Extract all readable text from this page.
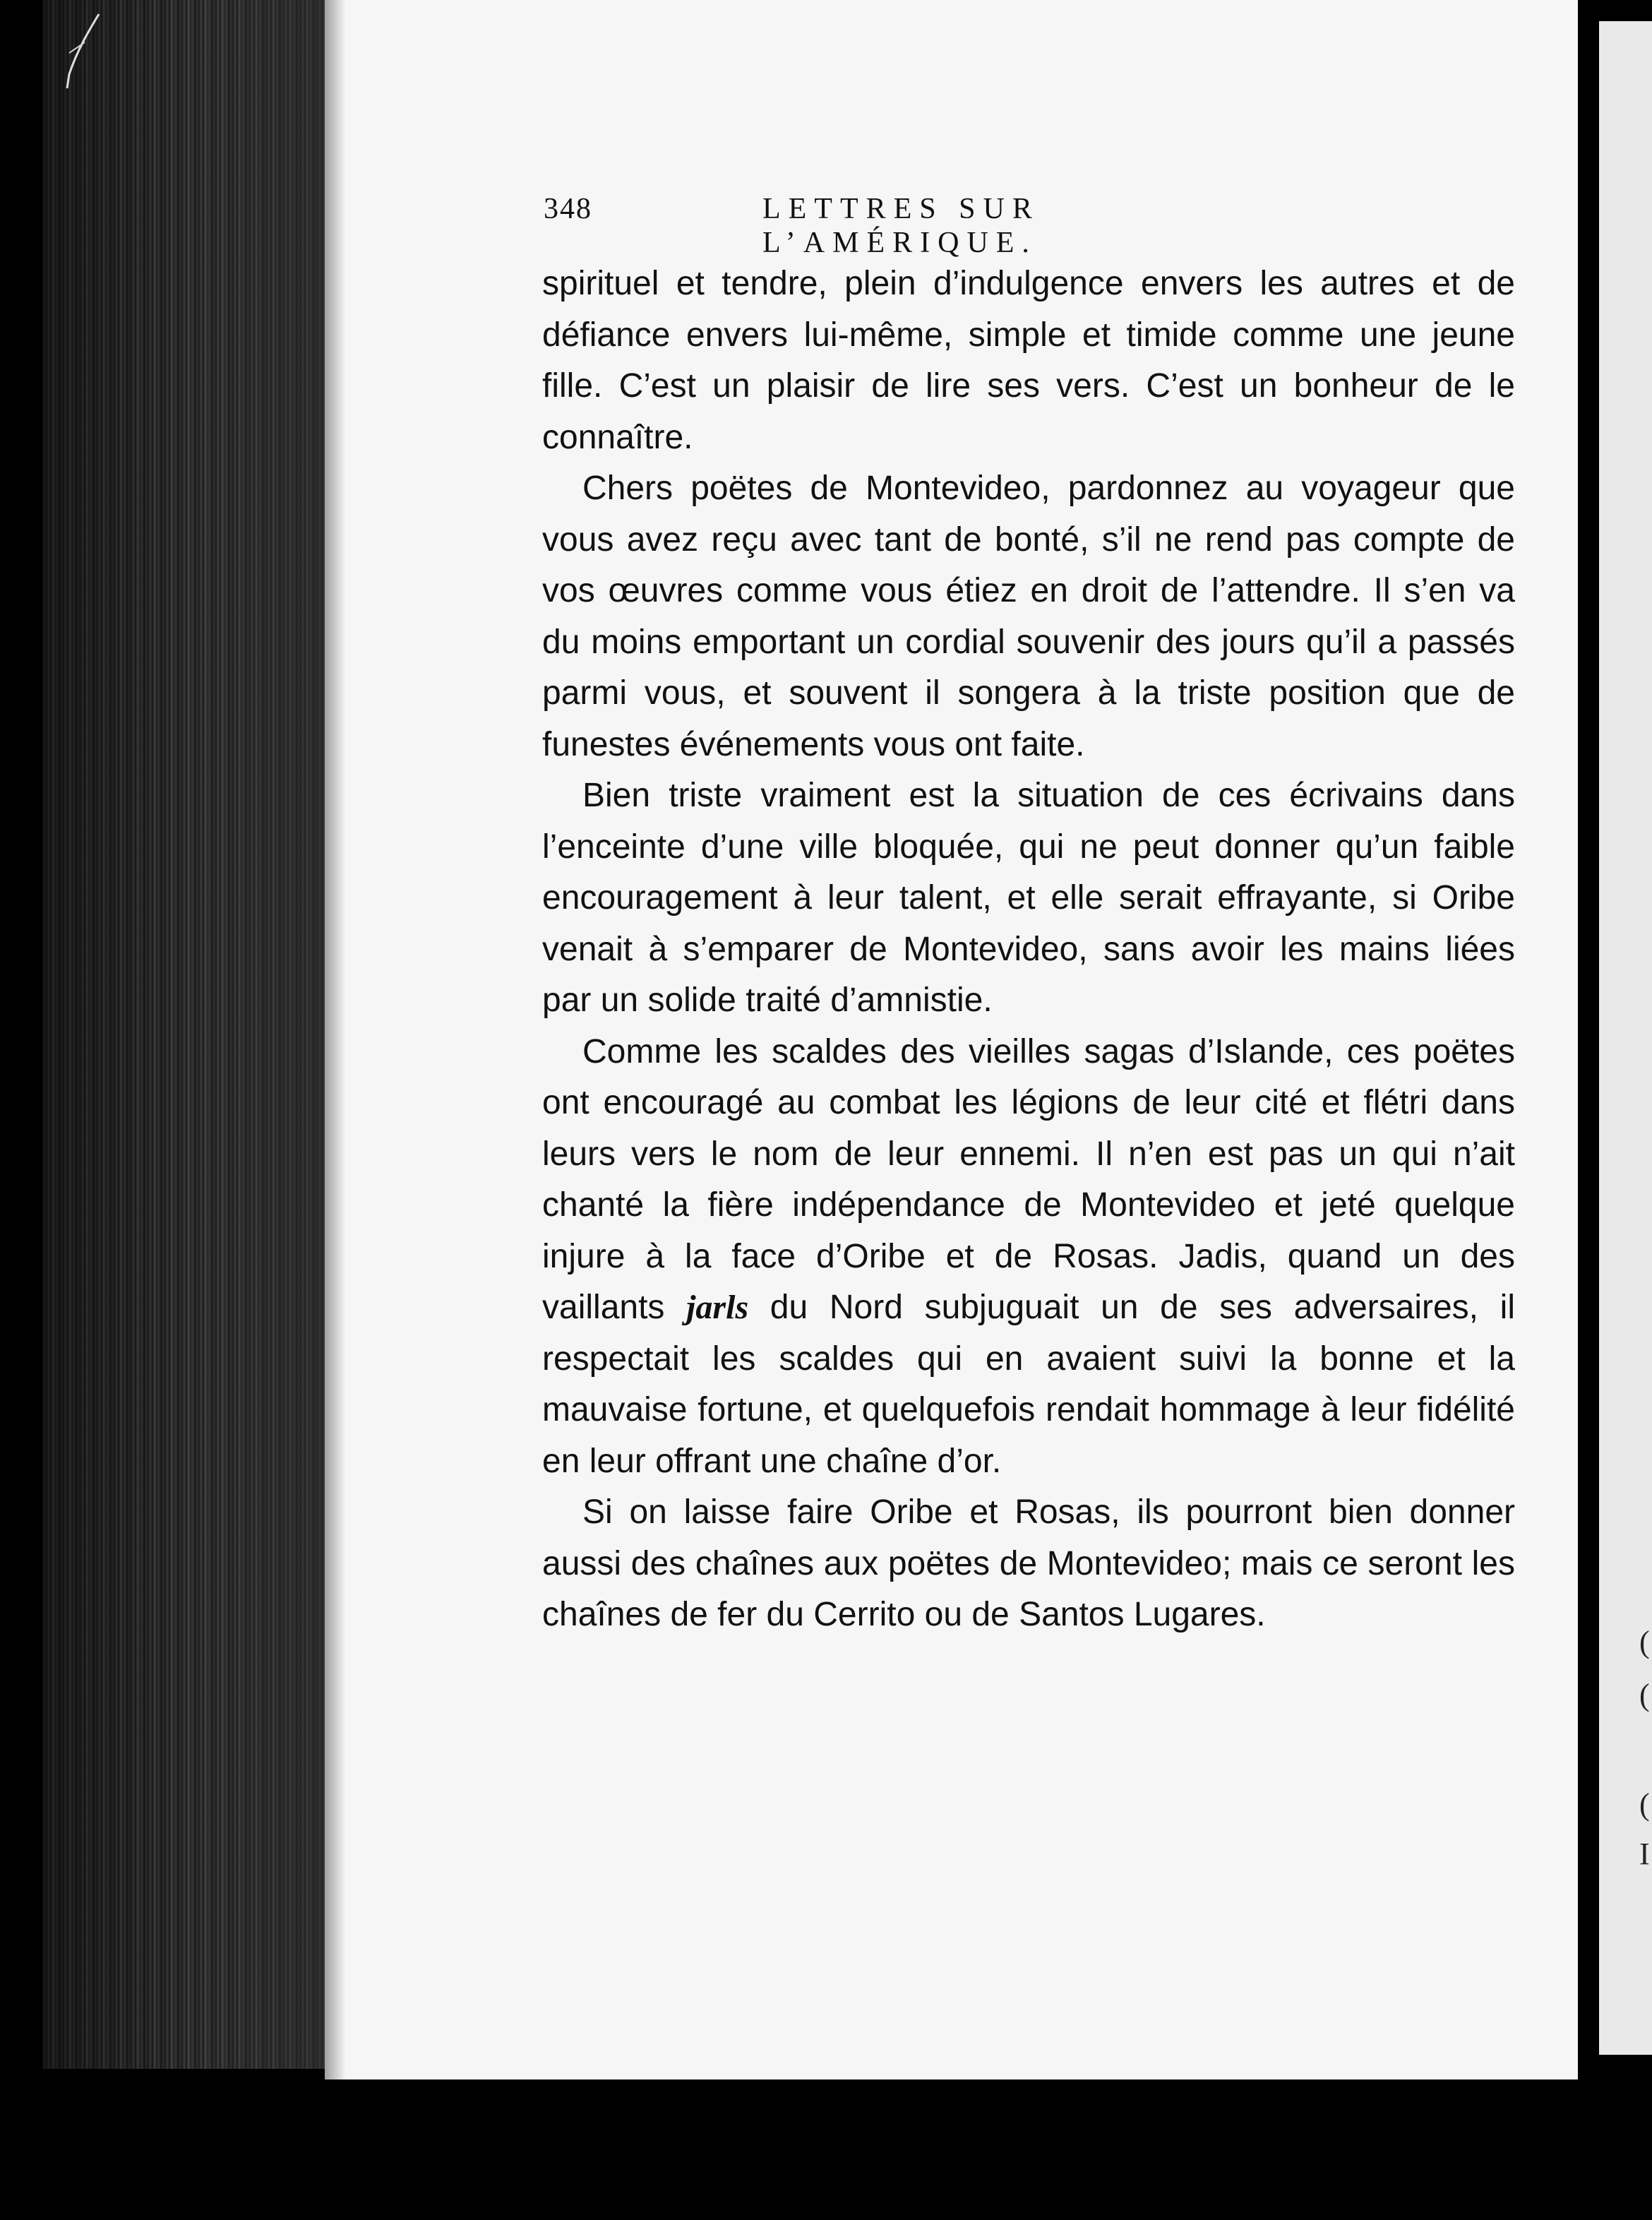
(
(
(
I
348	LETTRES SUR L’AMÉRIQUE.

spirituel et tendre, plein d’indulgence envers les autres et de défiance envers lui-même, simple et timide comme une jeune fille. C’est un plaisir de lire ses vers. C’est un bonheur de le connaître.

Chers poëtes de Montevideo, pardonnez au voyageur que vous avez reçu avec tant de bonté, s’il ne rend pas compte de vos œuvres comme vous étiez en droit de l’attendre. Il s’en va du moins emportant un cordial souvenir des jours qu’il a passés parmi vous, et souvent il songera à la triste position que de funestes événements vous ont faite.

Bien triste vraiment est la situation de ces écrivains dans l’enceinte d’une ville bloquée, qui ne peut donner qu’un faible encouragement à leur talent, et elle serait effrayante, si Oribe venait à s’emparer de Montevideo, sans avoir les mains liées par un solide traité d’amnistie.

Comme les scaldes des vieilles sagas d’Islande, ces poëtes ont encouragé au combat les légions de leur cité et flétri dans leurs vers le nom de leur ennemi. Il n’en est pas un qui n’ait chanté la fière indépendance de Montevideo et jeté quelque injure à la face d’Oribe et de Rosas. Jadis, quand un des vaillants jarls du Nord subjuguait un de ses adversaires, il respectait les scaldes qui en avaient suivi la bonne et la mauvaise fortune, et quelquefois rendait hommage à leur fidélité en leur offrant une chaîne d’or.

Si on laisse faire Oribe et Rosas, ils pourront bien donner aussi des chaînes aux poëtes de Montevideo; mais ce seront les chaînes de fer du Cerrito ou de Santos Lugares.
